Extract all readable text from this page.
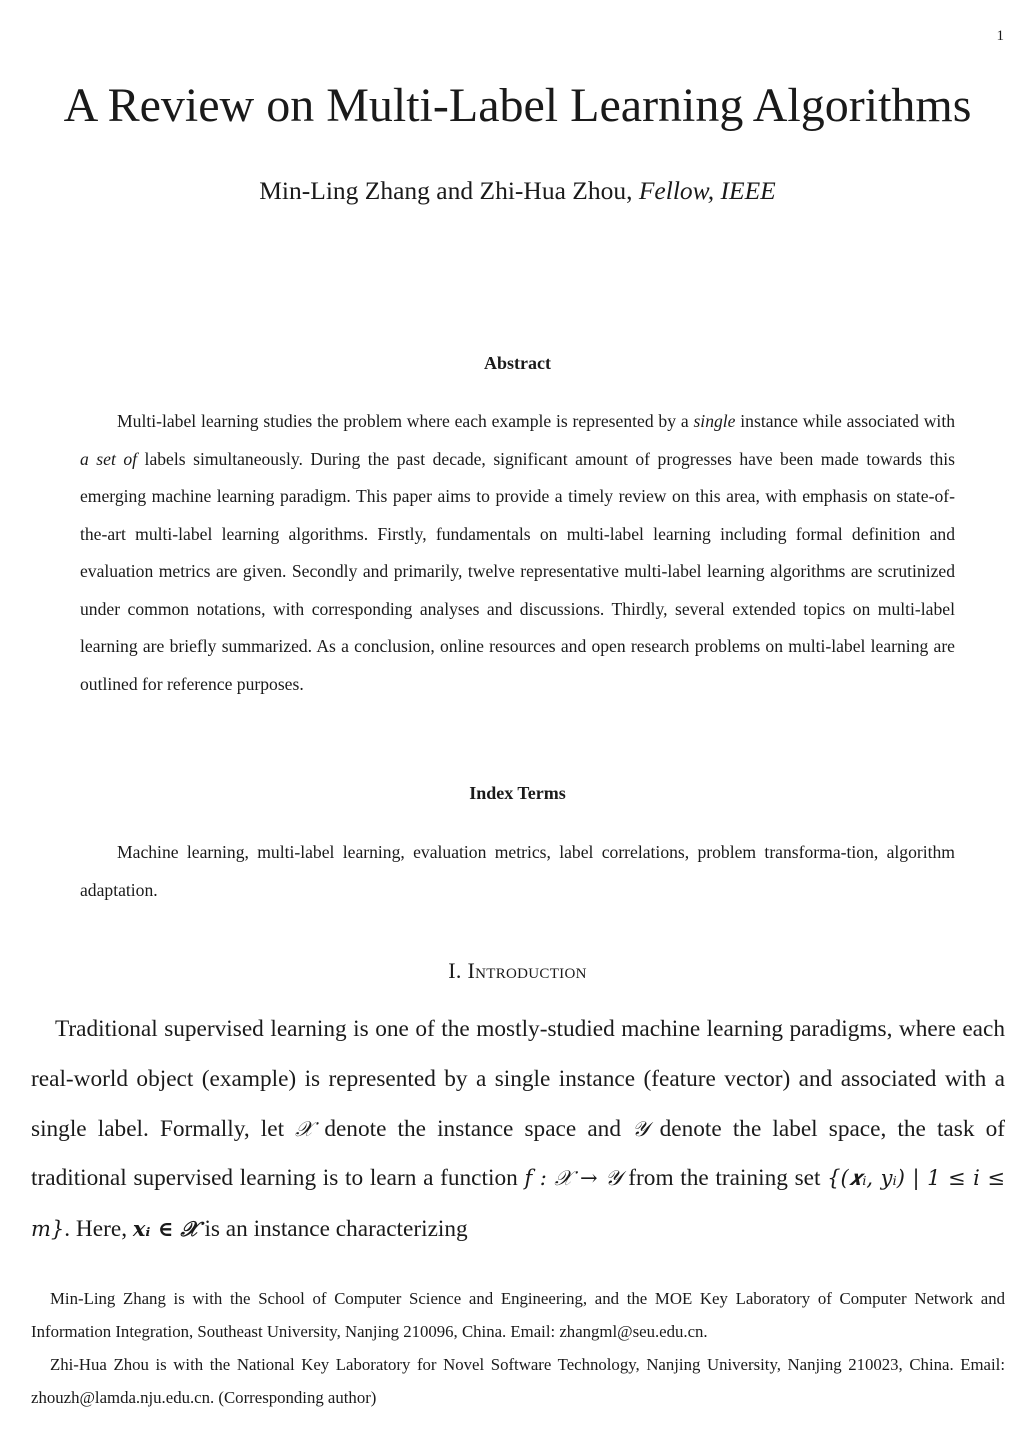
1
A Review on Multi-Label Learning Algorithms
Min-Ling Zhang and Zhi-Hua Zhou, Fellow, IEEE
Abstract

Multi-label learning studies the problem where each example is represented by a single instance while associated with a set of labels simultaneously. During the past decade, significant amount of progresses have been made towards this emerging machine learning paradigm. This paper aims to provide a timely review on this area, with emphasis on state-of-the-art multi-label learning algorithms. Firstly, fundamentals on multi-label learning including formal definition and evaluation metrics are given. Secondly and primarily, twelve representative multi-label learning algorithms are scrutinized under common notations, with corresponding analyses and discussions. Thirdly, several extended topics on multi-label learning are briefly summarized. As a conclusion, online resources and open research problems on multi-label learning are outlined for reference purposes.

Index Terms

Machine learning, multi-label learning, evaluation metrics, label correlations, problem transforma-tion, algorithm adaptation.

I. Introduction

Traditional supervised learning is one of the mostly-studied machine learning paradigms, where each real-world object (example) is represented by a single instance (feature vector) and associated with a single label. Formally, let 𝒳 denote the instance space and 𝒴 denote the label space, the task of traditional supervised learning is to learn a function f : 𝒳 → 𝒴 from the training set {(𝒙ᵢ, yᵢ) | 1 ≤ i ≤ m}. Here, 𝒙ᵢ ∈ 𝒳 is an instance characterizing

Min-Ling Zhang is with the School of Computer Science and Engineering, and the MOE Key Laboratory of Computer Network and Information Integration, Southeast University, Nanjing 210096, China. Email: zhangml@seu.edu.cn.

Zhi-Hua Zhou is with the National Key Laboratory for Novel Software Technology, Nanjing University, Nanjing 210023, China. Email: zhouzh@lamda.nju.edu.cn. (Corresponding author)
